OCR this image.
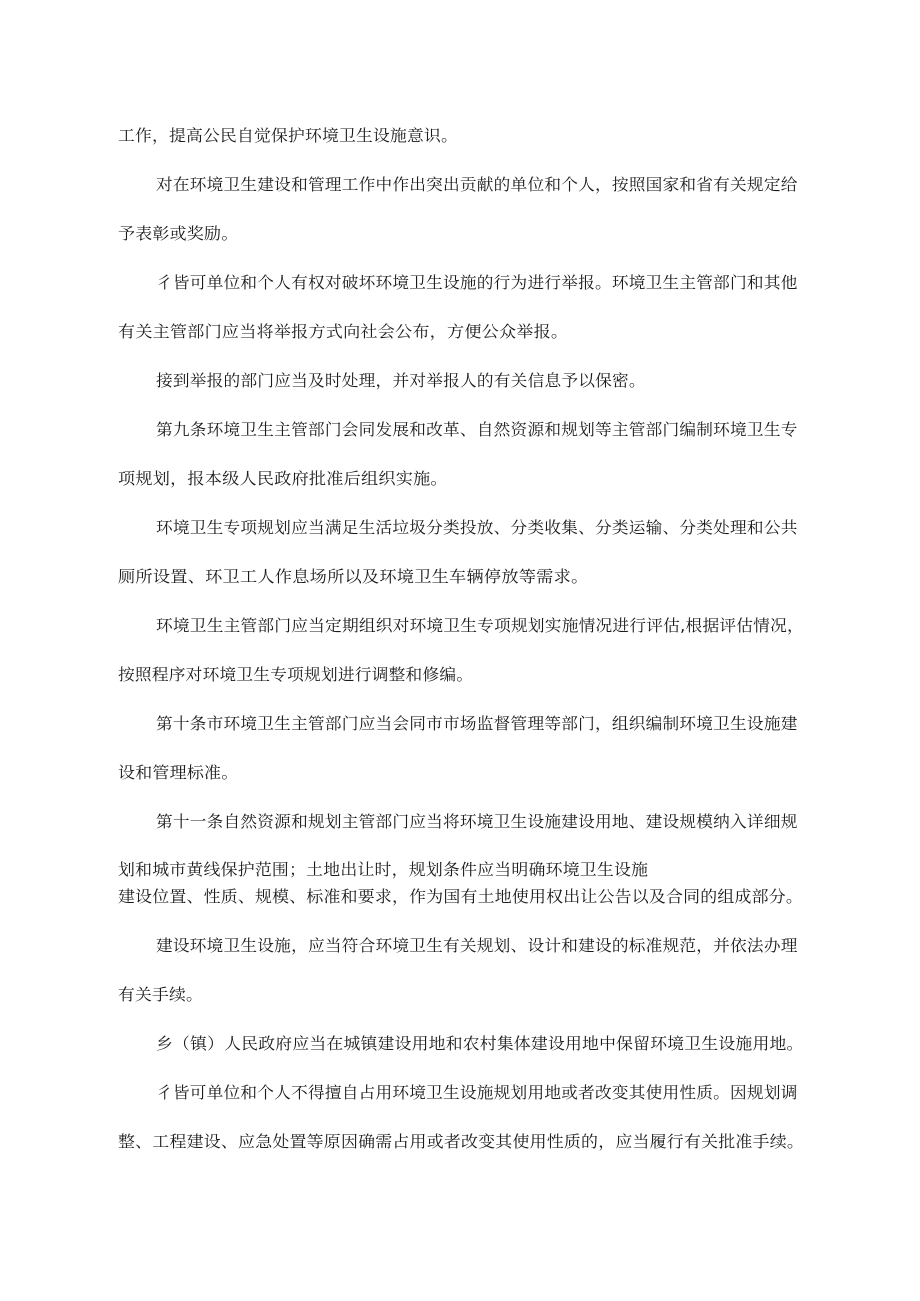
工作，提高公民自觉保护环境卫生设施意识。
对在环境卫生建设和管理工作中作出突出贡献的单位和个人，按照国家和省有关规定给
予表彰或奖励。
彳皆可单位和个人有权对破坏环境卫生设施的行为进行举报。环境卫生主管部门和其他
有关主管部门应当将举报方式向社会公布，方便公众举报。
接到举报的部门应当及时处理，并对举报人的有关信息予以保密。
第九条环境卫生主管部门会同发展和改革、自然资源和规划等主管部门编制环境卫生专
项规划，报本级人民政府批准后组织实施。
环境卫生专项规划应当满足生活垃圾分类投放、分类收集、分类运输、分类处理和公共
厕所设置、环卫工人作息场所以及环境卫生车辆停放等需求。
环境卫生主管部门应当定期组织对环境卫生专项规划实施情况进行评估,根据评估情况，
按照程序对环境卫生专项规划进行调整和修编。
第十条市环境卫生主管部门应当会同市市场监督管理等部门，组织编制环境卫生设施建
设和管理标准。
第十一条自然资源和规划主管部门应当将环境卫生设施建设用地、建设规模纳入详细规
划和城市黄线保护范围；土地出让时，规划条件应当明确环境卫生设施
建设位置、性质、规模、标准和要求，作为国有土地使用权出让公告以及合同的组成部分。
建设环境卫生设施，应当符合环境卫生有关规划、设计和建设的标准规范，并依法办理
有关手续。
乡（镇）人民政府应当在城镇建设用地和农村集体建设用地中保留环境卫生设施用地。
彳皆可单位和个人不得擅自占用环境卫生设施规划用地或者改变其使用性质。因规划调
整、工程建设、应急处置等原因确需占用或者改变其使用性质的，应当履行有关批准手续。
